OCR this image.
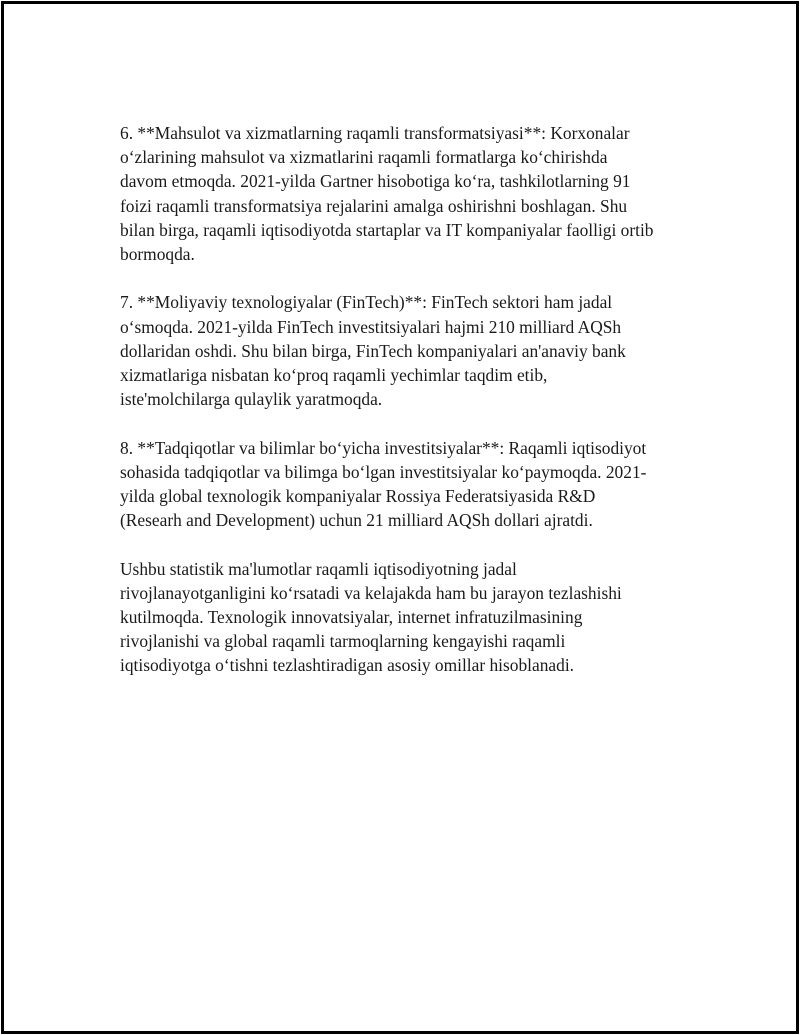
6. **Mahsulot va xizmatlarning raqamli transformatsiyasi**: Korxonalar
o‘zlarining mahsulot va xizmatlarini raqamli formatlarga ko‘chirishda
davom etmoqda. 2021-yilda Gartner hisobotiga ko‘ra, tashkilotlarning 91
foizi raqamli transformatsiya rejalarini amalga oshirishni boshlagan. Shu
bilan birga, raqamli iqtisodiyotda startaplar va IT kompaniyalar faolligi ortib
bormoqda.

7. **Moliyaviy texnologiyalar (FinTech)**: FinTech sektori ham jadal
o‘smoqda. 2021-yilda FinTech investitsiyalari hajmi 210 milliard AQSh
dollaridan oshdi. Shu bilan birga, FinTech kompaniyalari an'anaviy bank
xizmatlariga nisbatan ko‘proq raqamli yechimlar taqdim etib,
iste'molchilarga qulaylik yaratmoqda.

8. **Tadqiqotlar va bilimlar bo‘yicha investitsiyalar**: Raqamli iqtisodiyot
sohasida tadqiqotlar va bilimga bo‘lgan investitsiyalar ko‘paymoqda. 2021-
yilda global texnologik kompaniyalar Rossiya Federatsiyasida R&D
(Researh and Development) uchun 21 milliard AQSh dollari ajratdi.

Ushbu statistik ma'lumotlar raqamli iqtisodiyotning jadal
rivojlanayotganligini ko‘rsatadi va kelajakda ham bu jarayon tezlashishi
kutilmoqda. Texnologik innovatsiyalar, internet infratuzilmasining
rivojlanishi va global raqamli tarmoqlarning kengayishi raqamli
iqtisodiyotga o‘tishni tezlashtiradigan asosiy omillar hisoblanadi.
